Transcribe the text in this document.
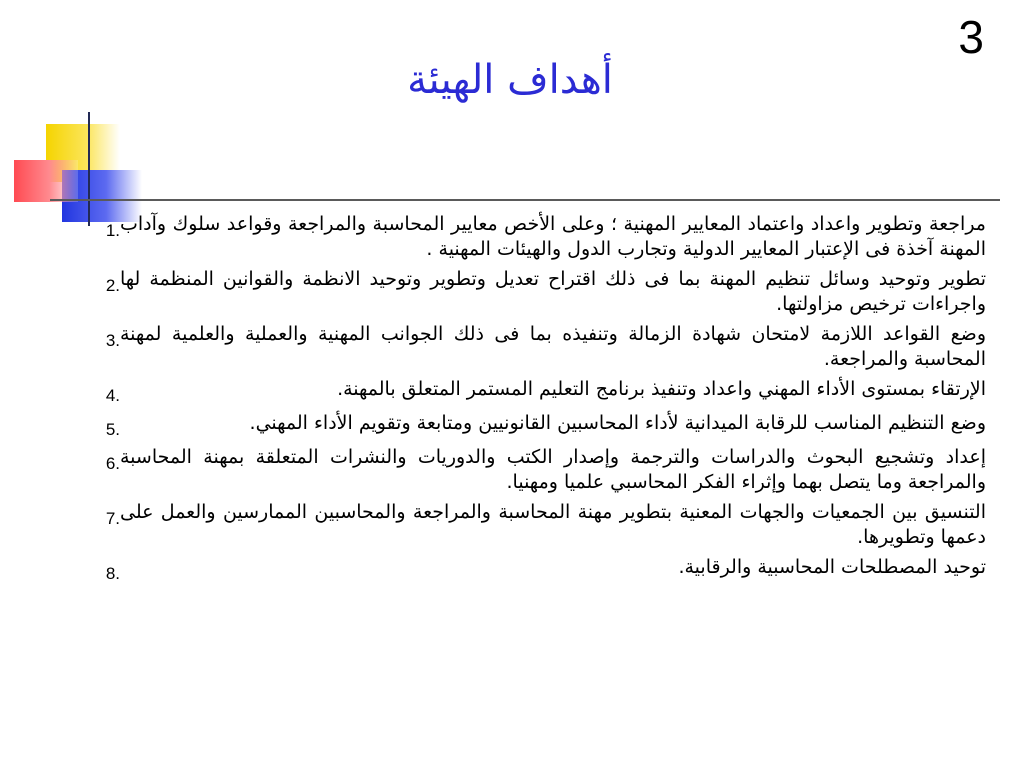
3
أهداف الهيئة
مراجعة وتطوير واعداد واعتماد المعايير المهنية ؛ وعلى الأخص معايير المحاسبة والمراجعة وقواعد سلوك وآداب المهنة آخذة فى الإعتبار المعايير الدولية وتجارب الدول والهيئات المهنية .
1.
تطوير وتوحيد وسائل تنظيم المهنة بما فى ذلك اقتراح تعديل وتطوير وتوحيد الانظمة والقوانين المنظمة لها واجراءات ترخيص مزاولتها.
2.
وضع القواعد اللازمة لامتحان شهادة الزمالة وتنفيذه بما فى ذلك الجوانب المهنية والعملية والعلمية لمهنة المحاسبة والمراجعة.
3.
الإرتقاء بمستوى الأداء المهني واعداد وتنفيذ برنامج التعليم المستمر المتعلق بالمهنة.
4.
وضع التنظيم المناسب للرقابة الميدانية لأداء المحاسبين القانونيين ومتابعة وتقويم الأداء المهني.
5.
إعداد وتشجيع البحوث والدراسات والترجمة وإصدار الكتب والدوريات والنشرات المتعلقة بمهنة المحاسبة والمراجعة وما يتصل بهما وإثراء الفكر المحاسبي علميا ومهنيا.
6.
التنسيق بين الجمعيات والجهات المعنية بتطوير مهنة المحاسبة والمراجعة والمحاسبين الممارسين والعمل على دعمها وتطويرها.
7.
توحيد المصطلحات المحاسبية والرقابية.
8.
